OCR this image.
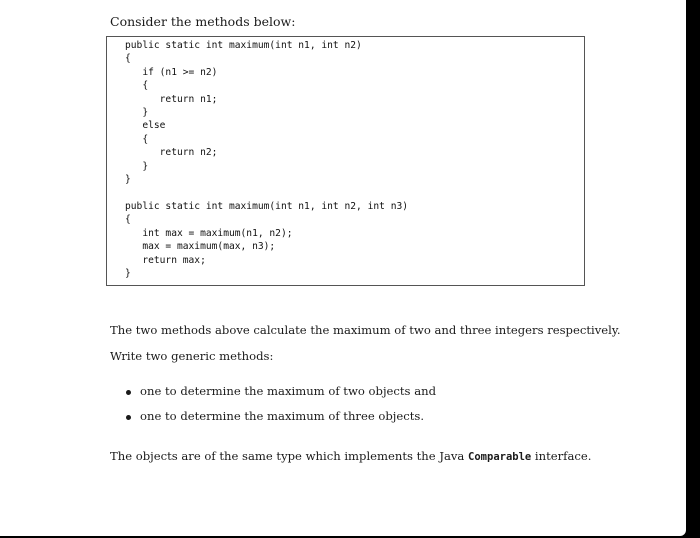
Consider the methods below:

public static int maximum(int n1, int n2)
{
if (n1 >= n2)
{
return n1;
}
else
{
return n2;
}
}

public static int maximum(int n1, int n2, int n3)
{
int max = maximum(n1, n2);
max = maximum(max, n3);
return max;
}

The two methods above calculate the maximum of two and three integers respectively.

Write two generic methods:

one to determine the maximum of two objects and
one to determine the maximum of three objects.

The objects are of the same type which implements the Java Comparable interface.
